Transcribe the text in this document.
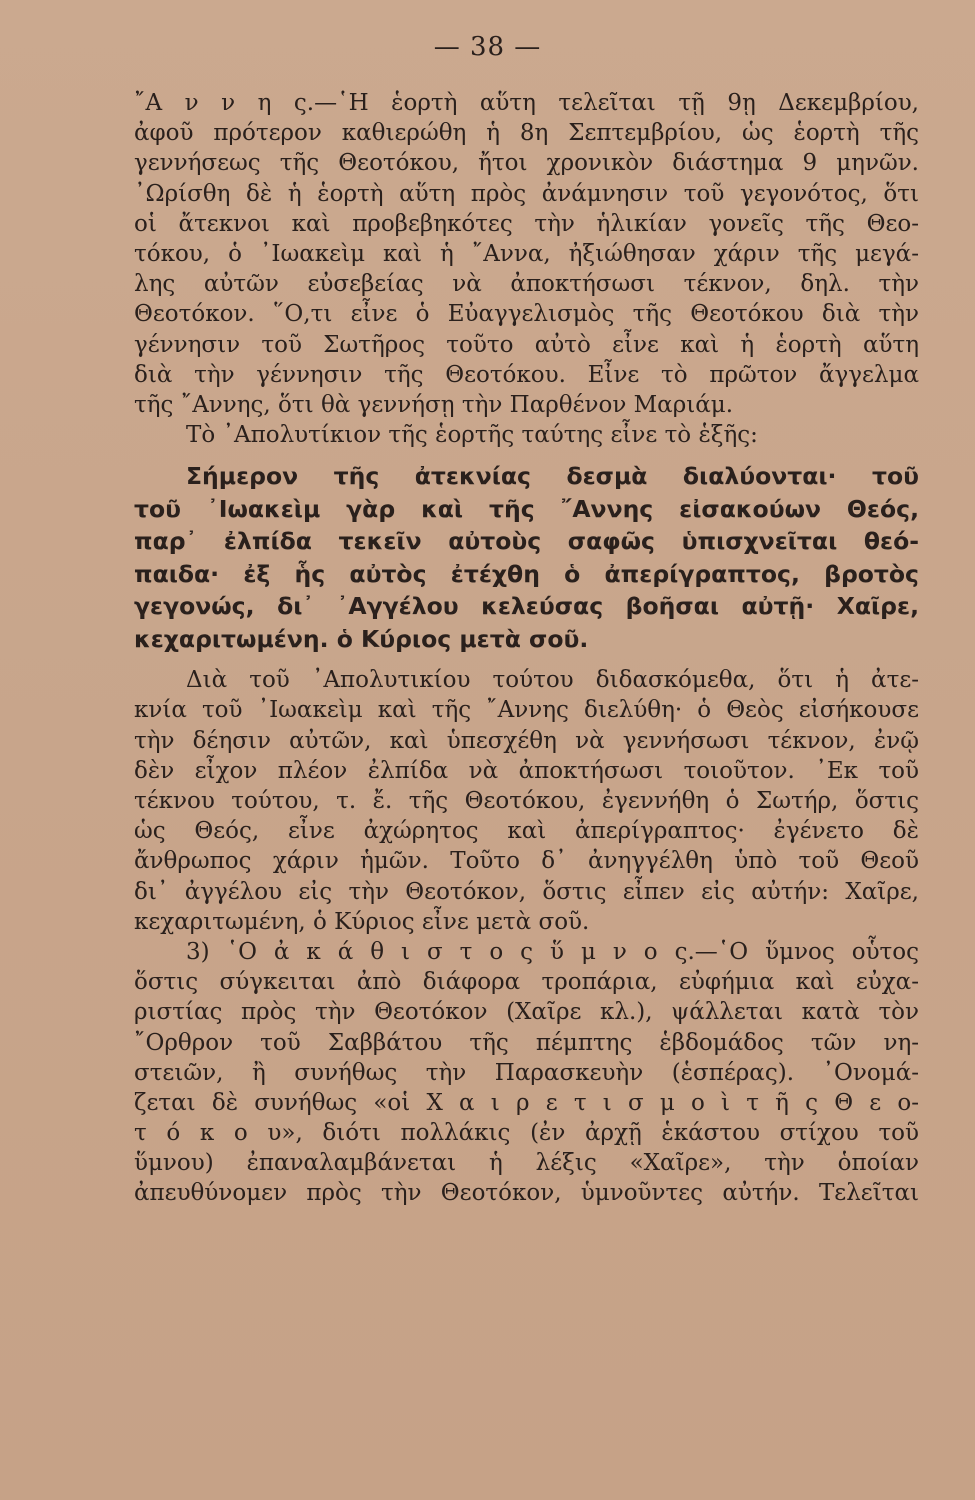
— 38 —
῎Α ν ν η ς.—῾Η ἑορτὴ αὕτη τελεῖται τῇ 9ῃ Δεκεμβρίου,
ἀφοῦ πρότερον καθιερώθη ἡ 8η Σεπτεμβρίου, ὡς ἑορτὴ τῆς
γεννήσεως τῆς Θεοτόκου, ἤτοι χρονικὸν διάστημα 9 μηνῶν.
᾿Ωρίσθη δὲ ἡ ἑορτὴ αὕτη πρὸς ἀνάμνησιν τοῦ γεγονότος, ὅτι
οἱ ἄτεκνοι καὶ προβεβηκότες τὴν ἡλικίαν γονεῖς τῆς Θεο-
τόκου, ὁ ᾿Ιωακεὶμ καὶ ἡ ῎Αννα, ἠξιώθησαν χάριν τῆς μεγά-
λης αὐτῶν εὐσεβείας νὰ ἀποκτήσωσι τέκνον, δηλ. τὴν
Θεοτόκον. ῞Ο,τι εἶνε ὁ Εὐαγγελισμὸς τῆς Θεοτόκου διὰ τὴν
γέννησιν τοῦ Σωτῆρος τοῦτο αὐτὸ εἶνε καὶ ἡ ἑορτὴ αὕτη
διὰ τὴν γέννησιν τῆς Θεοτόκου. Εἶνε τὸ πρῶτον ἄγγελμα
τῆς ῎Αννης, ὅτι θὰ γεννήσῃ τὴν Παρθένον Μαριάμ.
Τὸ ᾿Απολυτίκιον τῆς ἑορτῆς ταύτης εἶνε τὸ ἑξῆς:
Σήμερον τῆς ἀτεκνίας δεσμὰ διαλύονται· τοῦ
τοῦ ᾿Ιωακεὶμ γὰρ καὶ τῆς ῎Αννης εἰσακούων Θεός,
παρ᾿ ἐλπίδα τεκεῖν αὐτοὺς σαφῶς ὑπισχνεῖται θεό-
παιδα· ἐξ ἧς αὐτὸς ἐτέχθη ὁ ἀπερίγραπτος, βροτὸς
γεγονώς, δι᾿ ᾿Αγγέλου κελεύσας βοῆσαι αὐτῇ· Χαῖρε,
κεχαριτωμένη. ὁ Κύριος μετὰ σοῦ.
Διὰ τοῦ ᾿Απολυτικίου τούτου διδασκόμεθα, ὅτι ἡ ἀτε-
κνία τοῦ ᾿Ιωακεὶμ καὶ τῆς ῎Αννης διελύθη· ὁ Θεὸς εἰσήκουσε
τὴν δέησιν αὐτῶν, καὶ ὑπεσχέθη νὰ γεννήσωσι τέκνον, ἐνῷ
δὲν εἶχον πλέον ἐλπίδα νὰ ἀποκτήσωσι τοιοῦτον. ᾿Εκ τοῦ
τέκνου τούτου, τ. ἔ. τῆς Θεοτόκου, ἐγεννήθη ὁ Σωτήρ, ὅστις
ὡς Θεός, εἶνε ἀχώρητος καὶ ἀπερίγραπτος· ἐγένετο δὲ
ἄνθρωπος χάριν ἡμῶν. Τοῦτο δ᾿ ἀνηγγέλθη ὑπὸ τοῦ Θεοῦ
δι᾿ ἀγγέλου εἰς τὴν Θεοτόκον, ὅστις εἶπεν εἰς αὐτήν: Χαῖρε,
κεχαριτωμένη, ὁ Κύριος εἶνε μετὰ σοῦ.
3) ῾Ο ἀ κ ά θ ι σ τ ο ς ὕ μ ν ο ς.—῾Ο ὕμνος οὗτος
ὅστις σύγκειται ἀπὸ διάφορα τροπάρια, εὐφήμια καὶ εὐχα-
ριστίας πρὸς τὴν Θεοτόκον (Χαῖρε κλ.), ψάλλεται κατὰ τὸν
῎Ορθρον τοῦ Σαββάτου τῆς πέμπτης ἑβδομάδος τῶν νη-
στειῶν, ἢ συνήθως τὴν Παρασκευὴν (ἑσπέρας). ᾿Ονομά-
ζεται δὲ συνήθως «οἱ Χ α ι ρ ε τ ι σ μ ο ὶ τ ῆ ς Θ ε ο-
τ ό κ ο υ», διότι πολλάκις (ἐν ἀρχῇ ἑκάστου στίχου τοῦ
ὕμνου) ἐπαναλαμβάνεται ἡ λέξις «Χαῖρε», τὴν ὁποίαν
ἀπευθύνομεν πρὸς τὴν Θεοτόκον, ὑμνοῦντες αὐτήν. Τελεῖται
